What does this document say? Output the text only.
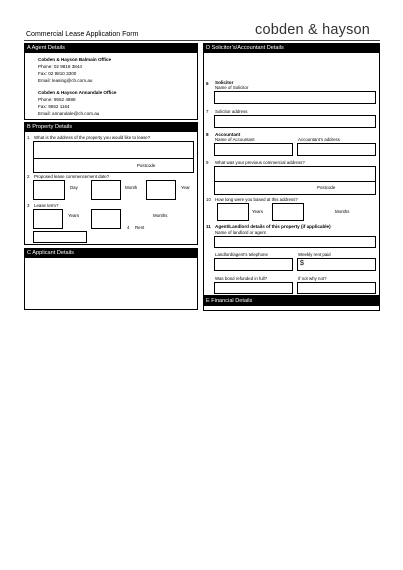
Commercial Lease Application Form	cobden & hayson
A Agent Details
Cobden & Hayson Balmain Office
Phone: 02 9818 3844
Fax: 02 9810 3300
Email: leasing@ch.com.au
Cobden & Hayson Annandale Office
Phone: 9552 4888
Fax: 9552 1164
Email: annandale@ch.com.au
B Property Details
1 What is the address of the property you would like to lease?
Postcode
2 Proposed lease commencement date?
Day	Month	Year
3 Lease term?
Years	Months
4 Rent
C Applicant Details
D Solicitor’s/Accountant Details
6 Solicitor
Name of Solicitor
7 Solicitor address
8 Accountant
Name of Accountant	Accountant’s address
9 What was your previous commercial address?
Postcode
10 How long were you based at this address?
Years	Months
11 Agent/Landlord details of this property (if applicable)
Name of landlord or agent
Landlord/agent’s telephone	Weekly rent paid
$
Was bond refunded in full?	If not why not?
E Financial Details
